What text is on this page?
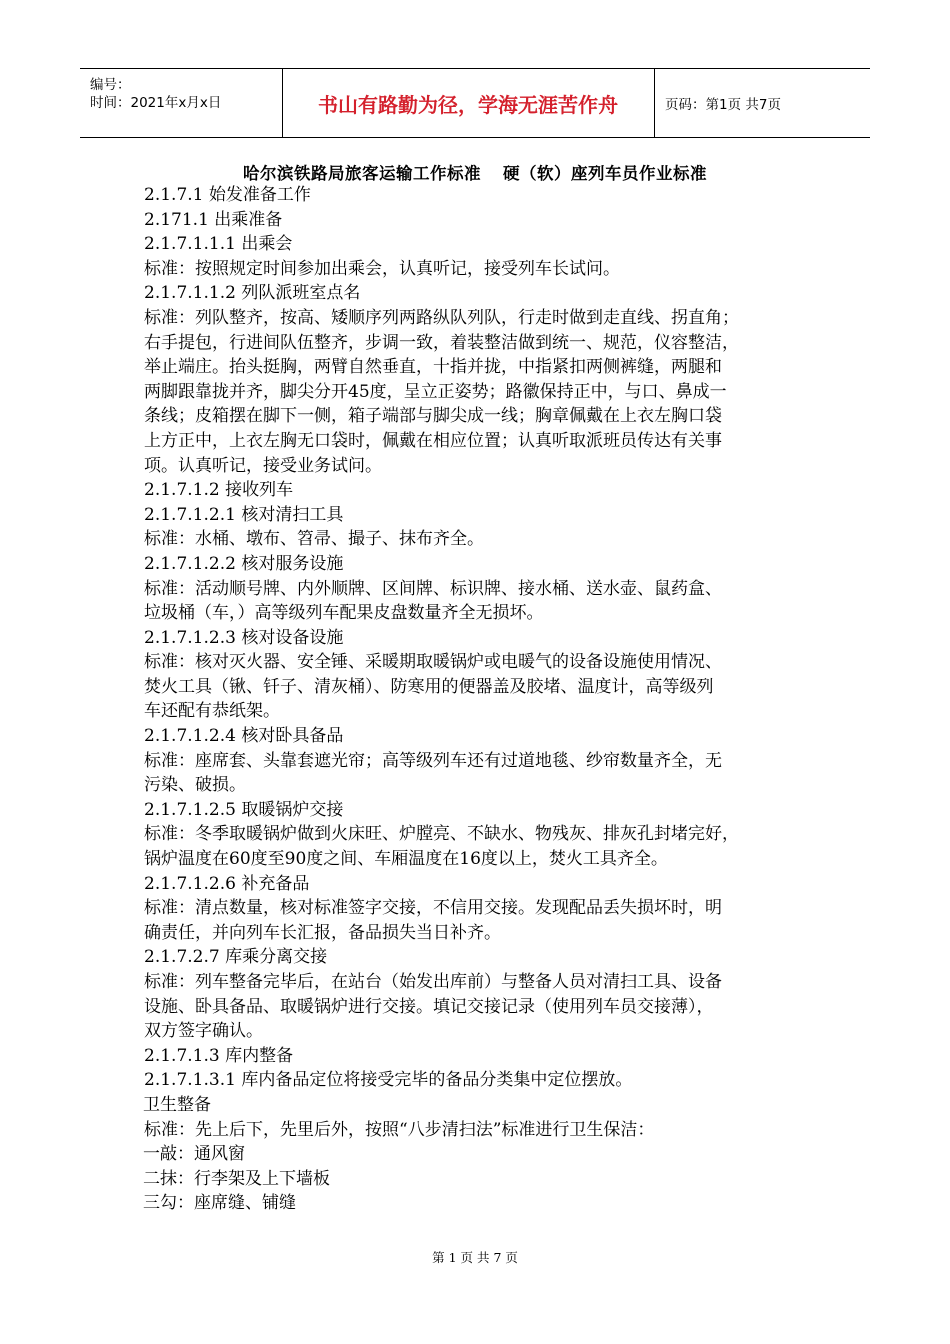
编号：
时间：2021年x月x日	书山有路勤为径，学海无涯苦作舟	页码：第1页 共7页
哈尔滨铁路局旅客运输工作标准 硬（软）座列车员作业标准
2.1.7.1 始发准备工作
2.171.1 出乘准备
2.1.7.1.1.1 出乘会
标准：按照规定时间参加出乘会，认真听记，接受列车长试问。
2.1.7.1.1.2 列队派班室点名
标准：列队整齐，按高、矮顺序列两路纵队列队，行走时做到走直线、拐直角；
右手提包，行进间队伍整齐，步调一致，着装整洁做到统一、规范，仪容整洁，
举止端庄。抬头挺胸，两臂自然垂直，十指并拢，中指紧扣两侧裤缝，两腿和
两脚跟靠拢并齐，脚尖分开45度，呈立正姿势；路徽保持正中，与口、鼻成一
条线；皮箱摆在脚下一侧，箱子端部与脚尖成一线；胸章佩戴在上衣左胸口袋
上方正中，上衣左胸无口袋时，佩戴在相应位置；认真听取派班员传达有关事
项。认真听记，接受业务试问。
2.1.7.1.2 接收列车
2.1.7.1.2.1 核对清扫工具
标准：水桶、墩布、笤帚、撮子、抹布齐全。
2.1.7.1.2.2 核对服务设施
标准：活动顺号牌、内外顺牌、区间牌、标识牌、接水桶、送水壶、鼠药盒、
垃圾桶（车，）高等级列车配果皮盘数量齐全无损坏。
2.1.7.1.2.3 核对设备设施
标准：核对灭火器、安全锤、采暖期取暖锅炉或电暖气的设备设施使用情况、
焚火工具（锹、钎子、清灰桶）、防寒用的便器盖及胶堵、温度计，高等级列
车还配有恭纸架。
2.1.7.1.2.4 核对卧具备品
标准：座席套、头靠套遮光帘；高等级列车还有过道地毯、纱帘数量齐全，无
污染、破损。
2.1.7.1.2.5 取暖锅炉交接
标准：冬季取暖锅炉做到火床旺、炉膛亮、不缺水、物残灰、排灰孔封堵完好，
锅炉温度在60度至90度之间、车厢温度在16度以上，焚火工具齐全。
2.1.7.1.2.6 补充备品
标准：清点数量，核对标准签字交接，不信用交接。发现配品丢失损坏时，明
确责任，并向列车长汇报，备品损失当日补齐。
2.1.7.2.7 库乘分离交接
标准：列车整备完毕后，在站台（始发出库前）与整备人员对清扫工具、设备
设施、卧具备品、取暖锅炉进行交接。填记交接记录（使用列车员交接薄），
双方签字确认。
2.1.7.1.3 库内整备
2.1.7.1.3.1 库内备品定位将接受完毕的备品分类集中定位摆放。
卫生整备
标准：先上后下，先里后外，按照“八步清扫法”标准进行卫生保洁：
一敲：通风窗
二抹：行李架及上下墙板
三勾：座席缝、铺缝
第 1 页 共 7 页
